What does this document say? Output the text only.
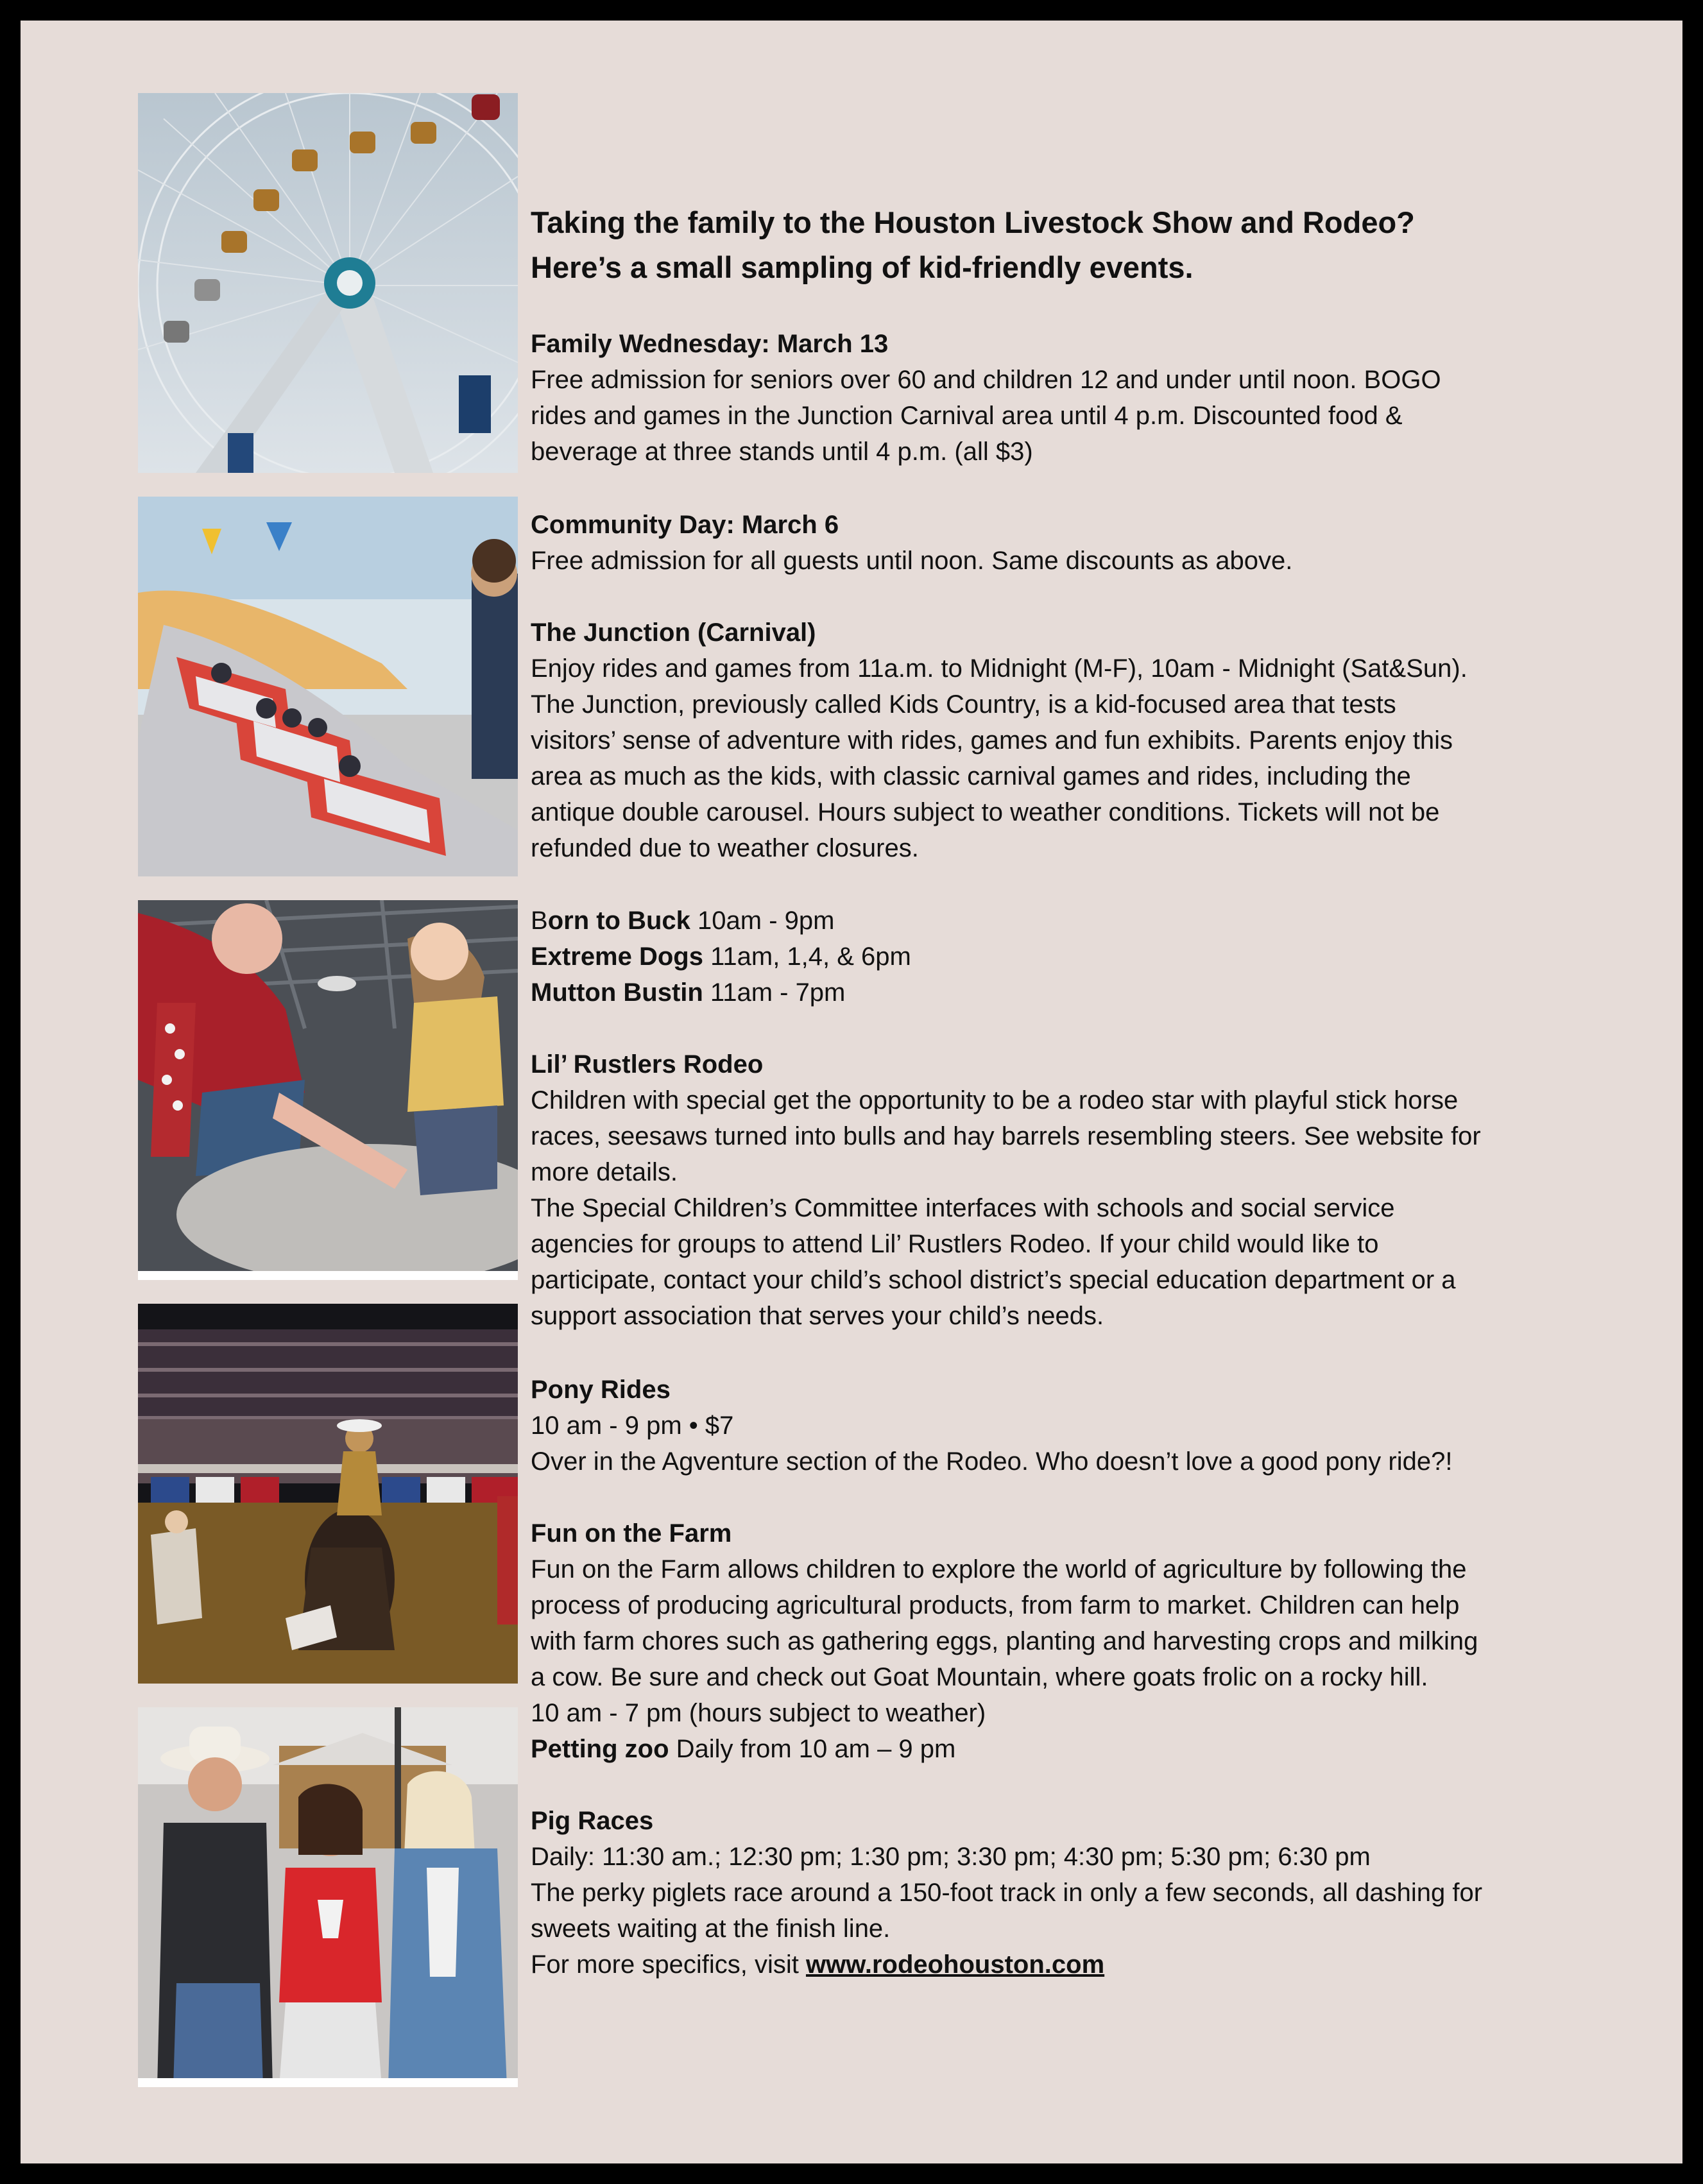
Taking the family to the Houston Livestock Show and Rodeo?
Here’s a small sampling of kid-friendly events.

Family Wednesday: March 13

Free admission for seniors over 60 and children 12 and under until noon. BOGO

rides and games in the Junction Carnival area until 4 p.m. Discounted food &

beverage at three stands until 4 p.m. (all $3)

Community Day: March 6

Free admission for all guests until noon. Same discounts as above.

The Junction (Carnival)

Enjoy rides and games from 11a.m. to Midnight (M-F), 10am - Midnight (Sat&Sun).

The Junction, previously called Kids Country, is a kid-focused area that tests

visitors’ sense of adventure with rides, games and fun exhibits. Parents enjoy this

area as much as the kids, with classic carnival games and rides, including the

antique double carousel. Hours subject to weather conditions. Tickets will not be

refunded due to weather closures.

Born to Buck 10am - 9pm

Extreme Dogs 11am, 1,4, & 6pm

Mutton Bustin 11am - 7pm

Lil’ Rustlers Rodeo

Children with special get the opportunity to be a rodeo star with playful stick horse

races, seesaws turned into bulls and hay barrels resembling steers. See website for

more details.

The Special Children’s Committee interfaces with schools and social service

agencies for groups to attend Lil’ Rustlers Rodeo. If your child would like to

participate, contact your child’s school district’s special education department or a

support association that serves your child’s needs.

Pony Rides

10 am - 9 pm • $7

Over in the Agventure section of the Rodeo. Who doesn’t love a good pony ride?!

Fun on the Farm

Fun on the Farm allows children to explore the world of agriculture by following the

process of producing agricultural products, from farm to market. Children can help

with farm chores such as gathering eggs, planting and harvesting crops and milking

a cow. Be sure and check out Goat Mountain, where goats frolic on a rocky hill.

10 am - 7 pm (hours subject to weather)

Petting zoo Daily from 10 am – 9 pm

Pig Races

Daily: 11:30 am.; 12:30 pm; 1:30 pm; 3:30 pm; 4:30 pm; 5:30 pm; 6:30 pm

The perky piglets race around a 150-foot track in only a few seconds, all dashing for

sweets waiting at the finish line.

For more specifics, visit www.rodeohouston.com
